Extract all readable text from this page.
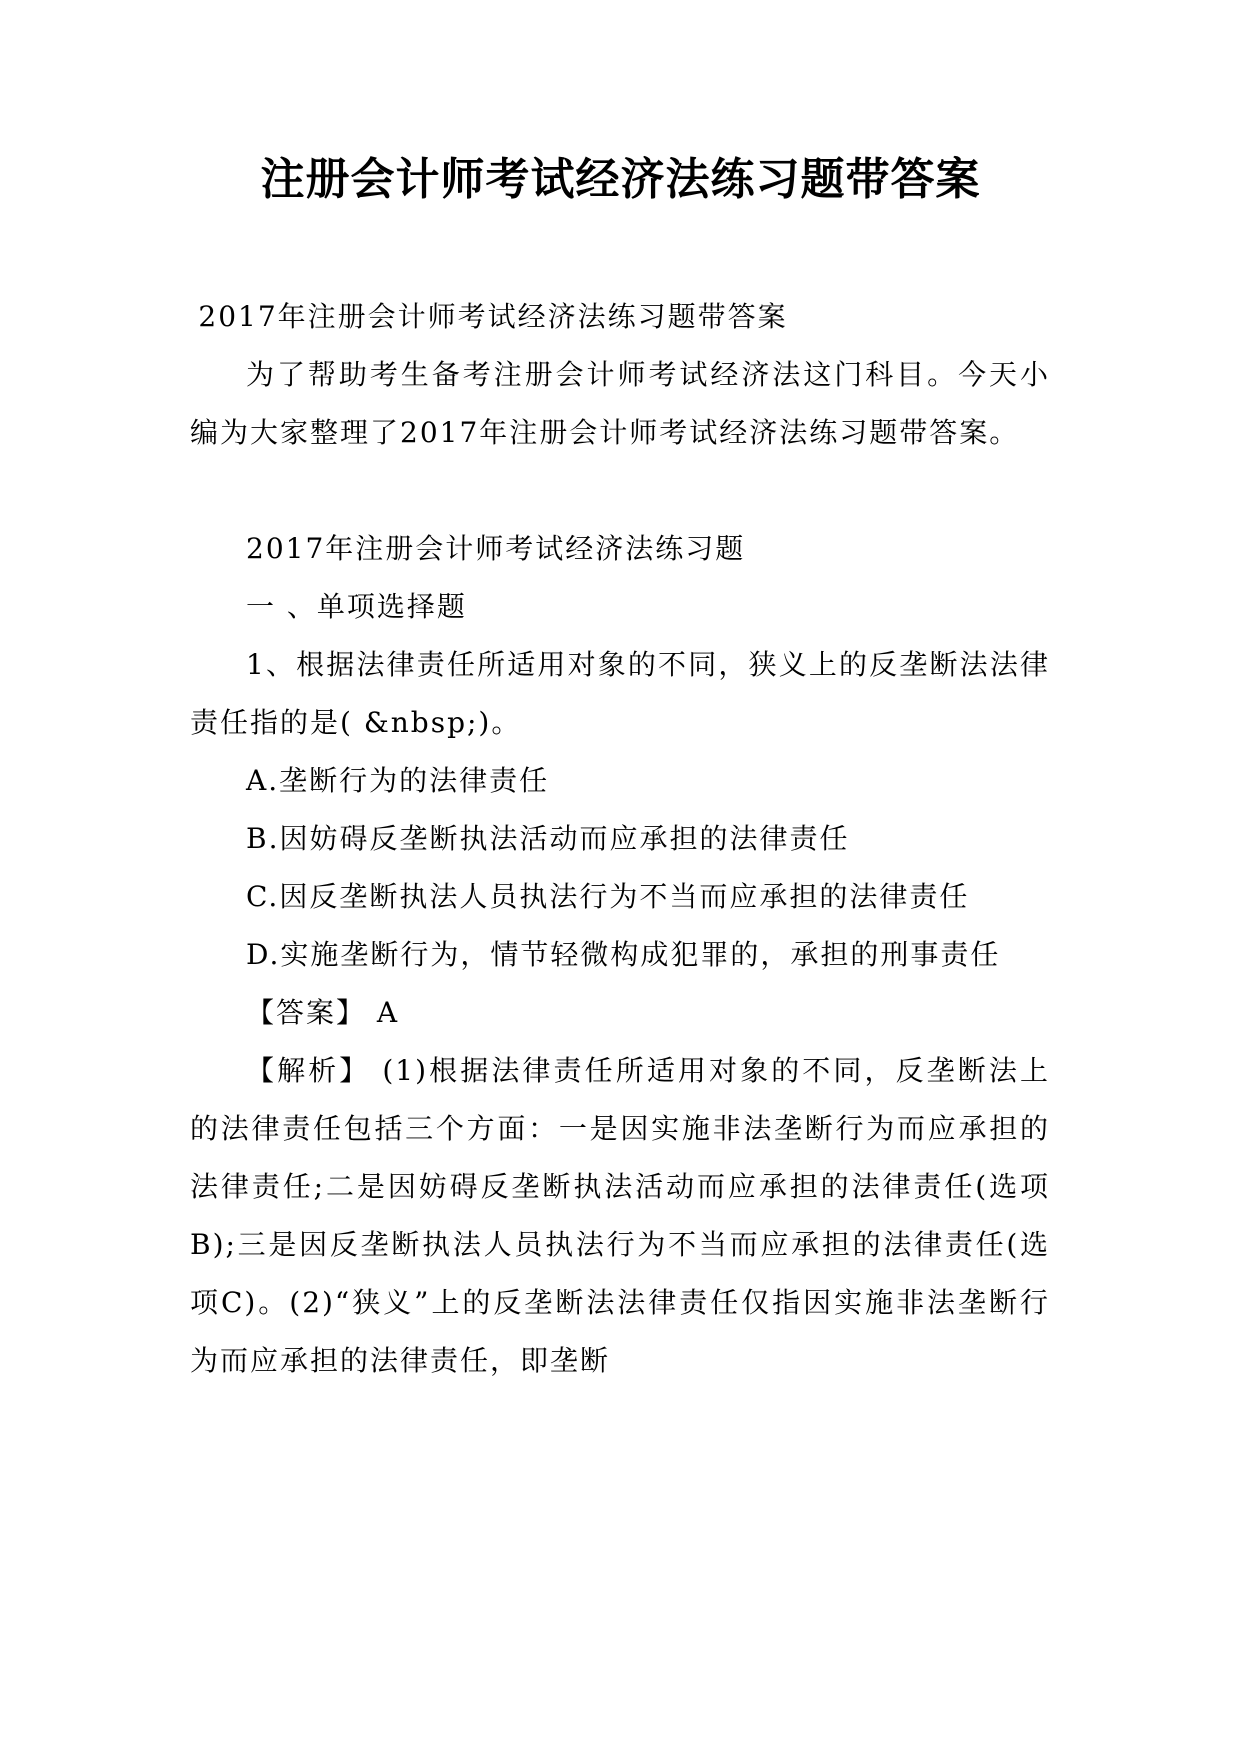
注册会计师考试经济法练习题带答案

2017年注册会计师考试经济法练习题带答案

为了帮助考生备考注册会计师考试经济法这门科目。今天小编为大家整理了2017年注册会计师考试经济法练习题带答案。

2017年注册会计师考试经济法练习题

一 、单项选择题

1、根据法律责任所适用对象的不同，狭义上的反垄断法法律责任指的是( &nbsp;)。

A.垄断行为的法律责任

B.因妨碍反垄断执法活动而应承担的法律责任

C.因反垄断执法人员执法行为不当而应承担的法律责任

D.实施垄断行为，情节轻微构成犯罪的，承担的刑事责任

【答案】 A

【解析】 (1)根据法律责任所适用对象的不同，反垄断法上的法律责任包括三个方面：一是因实施非法垄断行为而应承担的法律责任;二是因妨碍反垄断执法活动而应承担的法律责任(选项B);三是因反垄断执法人员执法行为不当而应承担的法律责任(选项C)。(2)“狭义”上的反垄断法法律责任仅指因实施非法垄断行为而应承担的法律责任，即垄断
